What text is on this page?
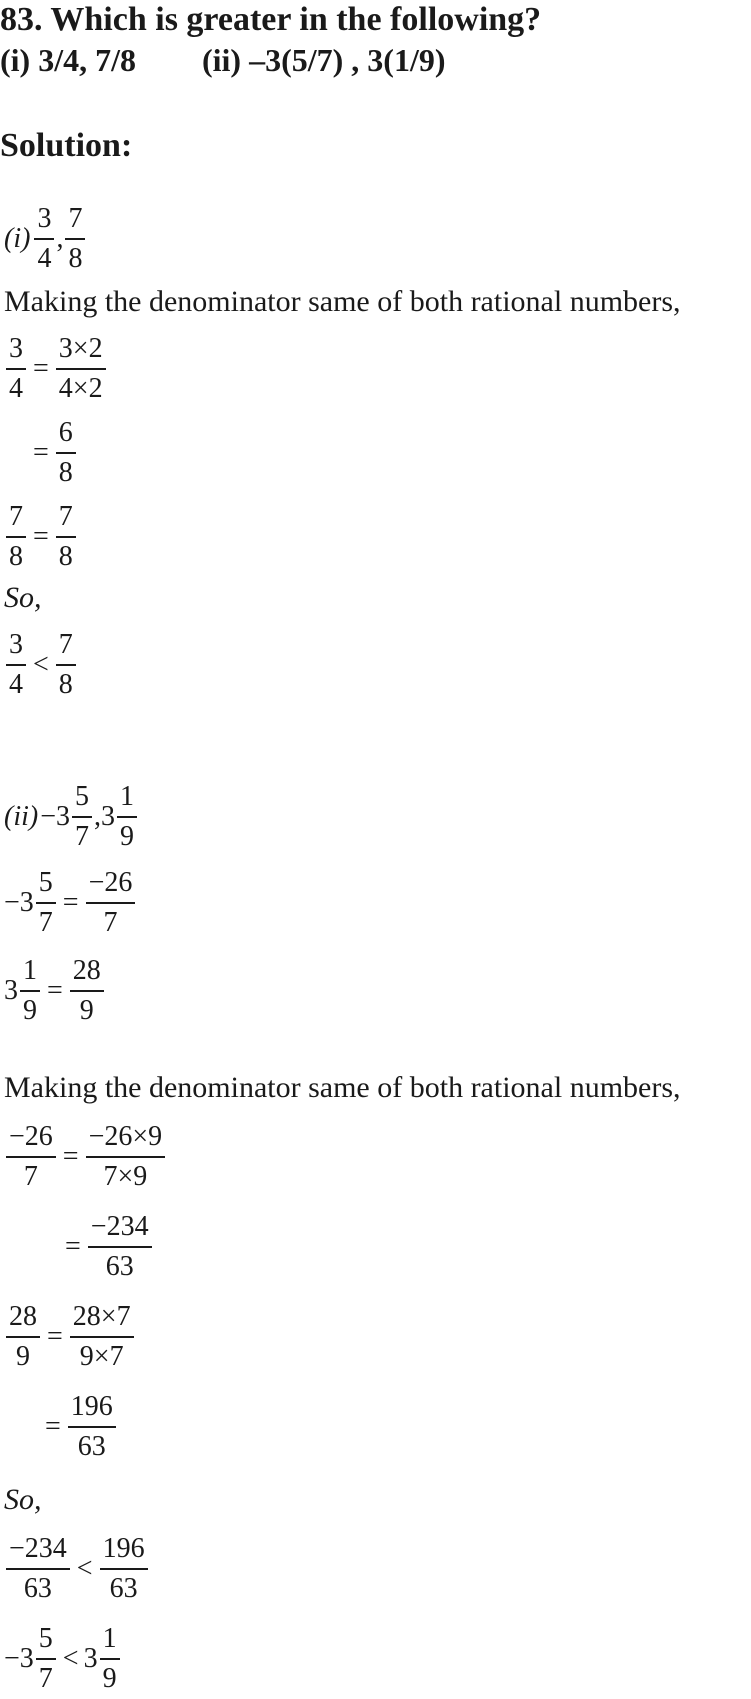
83. Which is greater in the following?
(i) 3/4, 7/8 (ii) –3(5/7) , 3(1/9)
Solution:
$(i) \frac{3}{4}$ , $\frac{7}{8}$
Making the denominator same of both rational numbers,
$\frac{3}{4} = \frac{3\times 2}{4\times 2}$
= $\frac{6}{8}$
$\frac{7}{8} = \frac{7}{8}$
So,
$\frac{3}{4} < \frac{7}{8}$
$(ii) -3 \frac{5}{7}$ , $3 \frac{1}{9}$
$-3 \frac{5}{7} = \frac{-26}{7}$
$3 \frac{1}{9} = \frac{28}{9}$
Making the denominator same of both rational numbers,
$\frac{-26}{7} = \frac{-26\times 9}{7\times 9}$
= $\frac{-234}{63}$
$\frac{28}{9} = \frac{28\times 7}{9\times 7}$
= $\frac{196}{63}$
So,
$\frac{-234}{63} < \frac{196}{63}$
$-3 \frac{5}{7} < 3 \frac{1}{9}$
